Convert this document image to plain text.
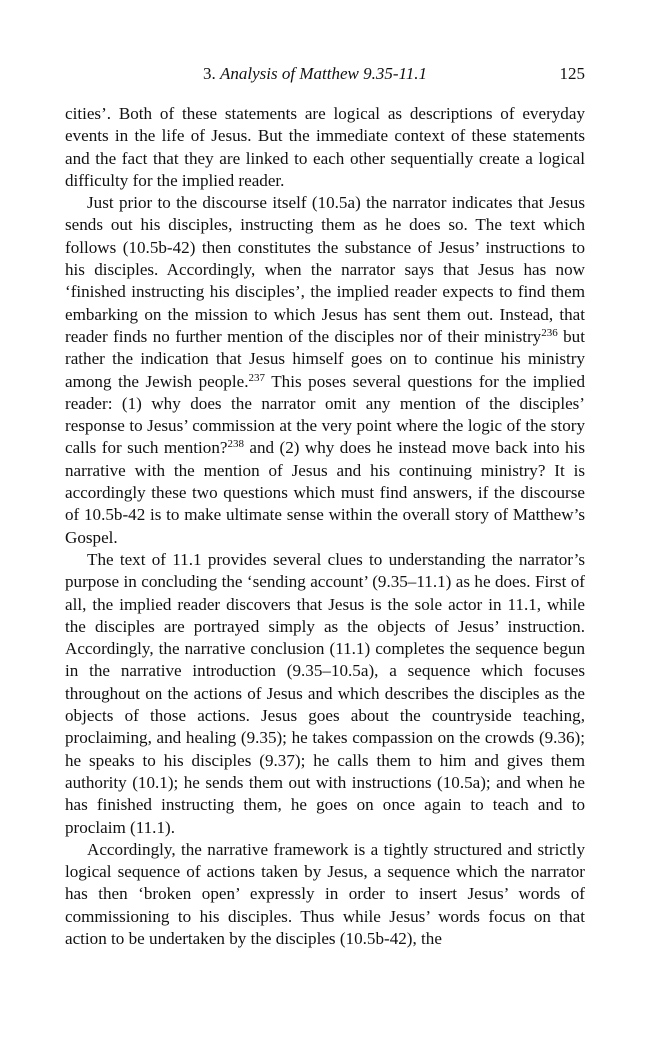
3. Analysis of Matthew 9.35-11.1	125

cities’. Both of these statements are logical as descriptions of everyday events in the life of Jesus. But the immediate context of these statements and the fact that they are linked to each other sequentially create a logical difficulty for the implied reader.

Just prior to the discourse itself (10.5a) the narrator indicates that Jesus sends out his disciples, instructing them as he does so. The text which follows (10.5b-42) then constitutes the substance of Jesus’ instructions to his disciples. Accordingly, when the narrator says that Jesus has now ‘finished instructing his disciples’, the implied reader expects to find them embarking on the mission to which Jesus has sent them out. Instead, that reader finds no further mention of the disciples nor of their ministry$^{236}$ but rather the indication that Jesus himself goes on to continue his ministry among the Jewish people.$^{237}$ This poses several questions for the implied reader: (1) why does the narrator omit any mention of the disciples’ response to Jesus’ commission at the very point where the logic of the story calls for such mention?$^{238}$ and (2) why does he instead move back into his narrative with the mention of Jesus and his continuing ministry? It is accordingly these two questions which must find answers, if the discourse of 10.5b-42 is to make ultimate sense within the overall story of Matthew’s Gospel.

The text of 11.1 provides several clues to understanding the narrator’s purpose in concluding the ‘sending account’ (9.35–11.1) as he does. First of all, the implied reader discovers that Jesus is the sole actor in 11.1, while the disciples are portrayed simply as the objects of Jesus’ instruction. Accordingly, the narrative conclusion (11.1) completes the sequence begun in the narrative introduction (9.35–10.5a), a sequence which focuses throughout on the actions of Jesus and which describes the disciples as the objects of those actions. Jesus goes about the countryside teaching, proclaiming, and healing (9.35); he takes compassion on the crowds (9.36); he speaks to his disciples (9.37); he calls them to him and gives them authority (10.1); he sends them out with instructions (10.5a); and when he has finished instructing them, he goes on once again to teach and to proclaim (11.1).

Accordingly, the narrative framework is a tightly structured and strictly logical sequence of actions taken by Jesus, a sequence which the narrator has then ‘broken open’ expressly in order to insert Jesus’ words of commissioning to his disciples. Thus while Jesus’ words focus on that action to be undertaken by the disciples (10.5b-42), the
